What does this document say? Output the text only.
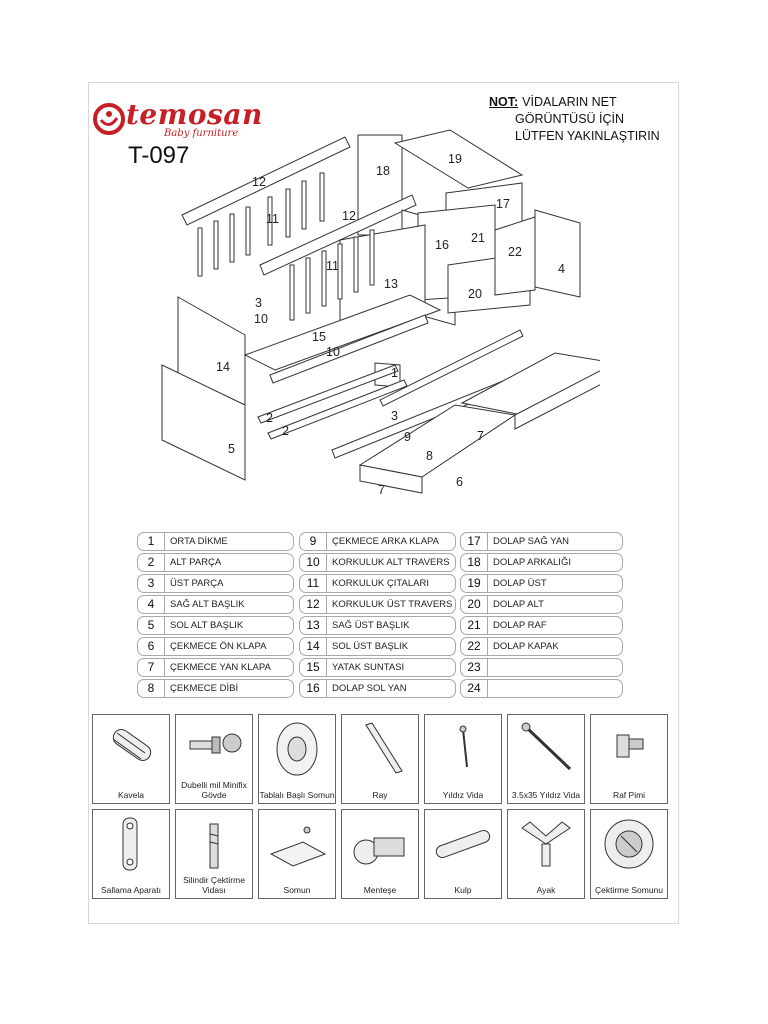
temosan
Baby furniture
T-097
NOT: VİDALARIN NET
GÖRÜNTÜSÜ İÇİN
LÜTFEN YAKINLAŞTIRIN
19
18
12
17
11	12
21
16	22
4
11
13
20
3
10
15
10
14	1
3
2
2	9	7
8
5
7
6
1	ORTA DİKME
2	ALT PARÇA
3	ÜST PARÇA
4	SAĞ ALT BAŞLIK
5	SOL ALT BAŞLIK
6	ÇEKMECE ÖN KLAPA
7	ÇEKMECE YAN KLAPA
8	ÇEKMECE DİBİ
9	ÇEKMECE ARKA KLAPA
10	KORKULUK ALT TRAVERS
11	KORKULUK ÇITALARI
12	KORKULUK ÜST TRAVERS
13	SAĞ ÜST BAŞLIK
14	SOL ÜST BAŞLIK
15	YATAK SUNTASI
16	DOLAP SOL YAN
17	DOLAP SAĞ YAN
18	DOLAP ARKALIĞI
19	DOLAP ÜST
20	DOLAP ALT
21	DOLAP RAF
22	DOLAP KAPAK
23
24
Kavela
Dubelli mil Minifix Gövde	Tablalı Başlı Somun	Ray	Yıldız Vida	3.5x35 Yıldız Vida	Raf Pimi
Sallama Aparatı
Silindir Çektirme Vidası	Somun	Menteşe	Kulp	Ayak	Çektirme Somunu
